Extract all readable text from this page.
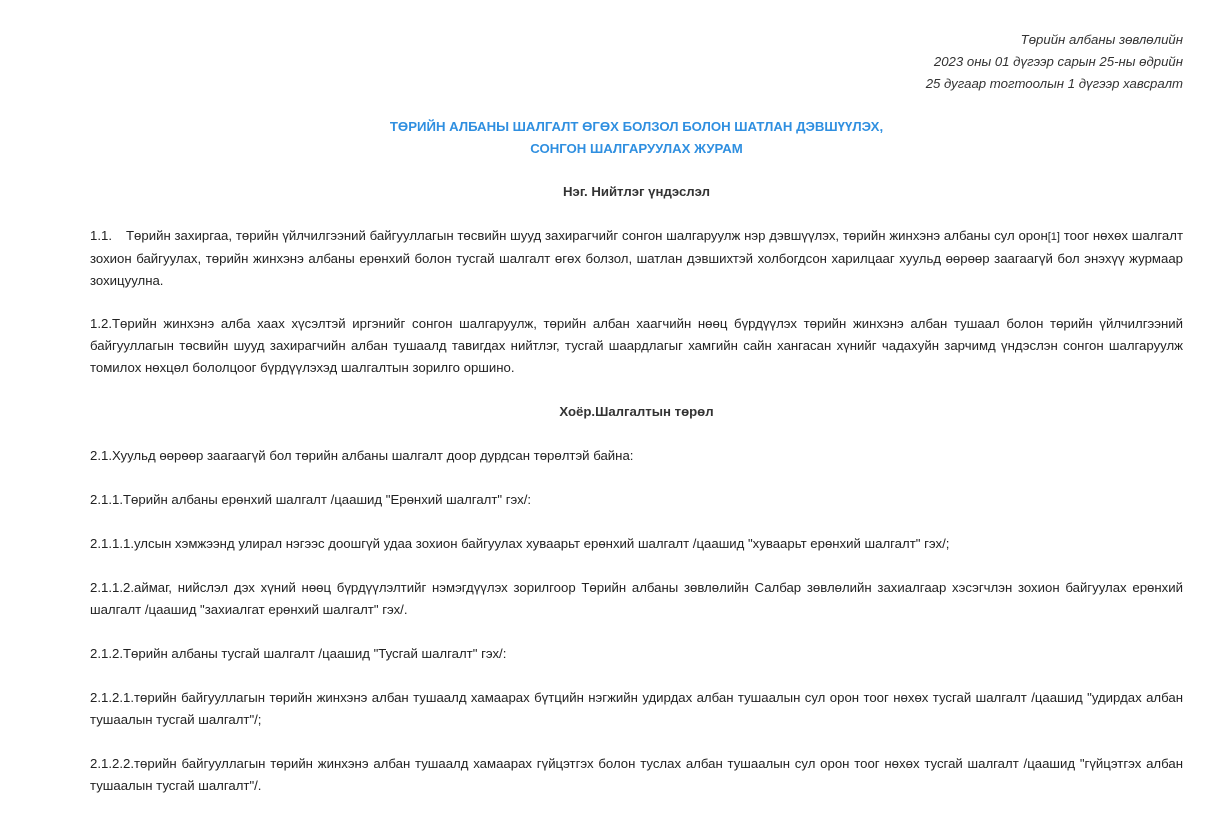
Төрийн албаны зөвлөлийн
2023 оны 01 дүгээр сарын 25-ны өдрийн
25 дугаар тогтоолын 1 дүгээр хавсралт
ТӨРИЙН АЛБАНЫ ШАЛГАЛТ ӨГӨХ БОЛЗОЛ БОЛОН ШАТЛАН ДЭВШҮҮЛЭХ,
СОНГОН ШАЛГАРУУЛАХ ЖУРАМ
Нэг. Нийтлэг үндэслэл
1.1. Төрийн захиргаа, төрийн үйлчилгээний байгууллагын төсвийн шууд захирагчийг сонгон шалгаруулж нэр дэвшүүлэх, төрийн жинхэнэ албаны сул орон[1] тоог нөхөх шалгалт зохион байгуулах, төрийн жинхэнэ албаны ерөнхий болон тусгай шалгалт өгөх болзол, шатлан дэвшихтэй холбогдсон харилцааг хуульд өөрөөр заагаагүй бол энэхүү журмаар зохицуулна.
1.2.Төрийн жинхэнэ алба хаах хүсэлтэй иргэнийг сонгон шалгаруулж, төрийн албан хаагчийн нөөц бүрдүүлэх төрийн жинхэнэ албан тушаал болон төрийн үйлчилгээний байгууллагын төсвийн шууд захирагчийн албан тушаалд тавигдах нийтлэг, тусгай шаардлагыг хамгийн сайн хангасан хүнийг чадахуйн зарчимд үндэслэн сонгон шалгаруулж томилох нөхцөл бололцоог бүрдүүлэхэд шалгалтын зорилго оршино.
Хоёр.Шалгалтын төрөл
2.1.Хуульд өөрөөр заагаагүй бол төрийн албаны шалгалт доор дурдсан төрөлтэй байна:
2.1.1.Төрийн албаны ерөнхий шалгалт /цаашид "Ерөнхий шалгалт" гэх/:
2.1.1.1.улсын хэмжээнд улирал нэгээс доошгүй удаа зохион байгуулах хуваарьт ерөнхий шалгалт /цаашид "хуваарьт ерөнхий шалгалт" гэх/;
2.1.1.2.аймаг, нийслэл дэх хүний нөөц бүрдүүлэлтийг нэмэгдүүлэх зорилгоор Төрийн албаны зөвлөлийн Салбар зөвлөлийн захиалгаар хэсэгчлэн зохион байгуулах ерөнхий шалгалт /цаашид "захиалгат ерөнхий шалгалт" гэх/.
2.1.2.Төрийн албаны тусгай шалгалт /цаашид "Тусгай шалгалт" гэх/:
2.1.2.1.төрийн байгууллагын төрийн жинхэнэ албан тушаалд хамаарах бүтцийн нэгжийн удирдах албан тушаалын сул орон тоог нөхөх тусгай шалгалт /цаашид "удирдах албан тушаалын тусгай шалгалт"/;
2.1.2.2.төрийн байгууллагын төрийн жинхэнэ албан тушаалд хамаарах гүйцэтгэх болон туслах албан тушаалын сул орон тоог нөхөх тусгай шалгалт /цаашид "гүйцэтгэх албан тушаалын тусгай шалгалт"/.
